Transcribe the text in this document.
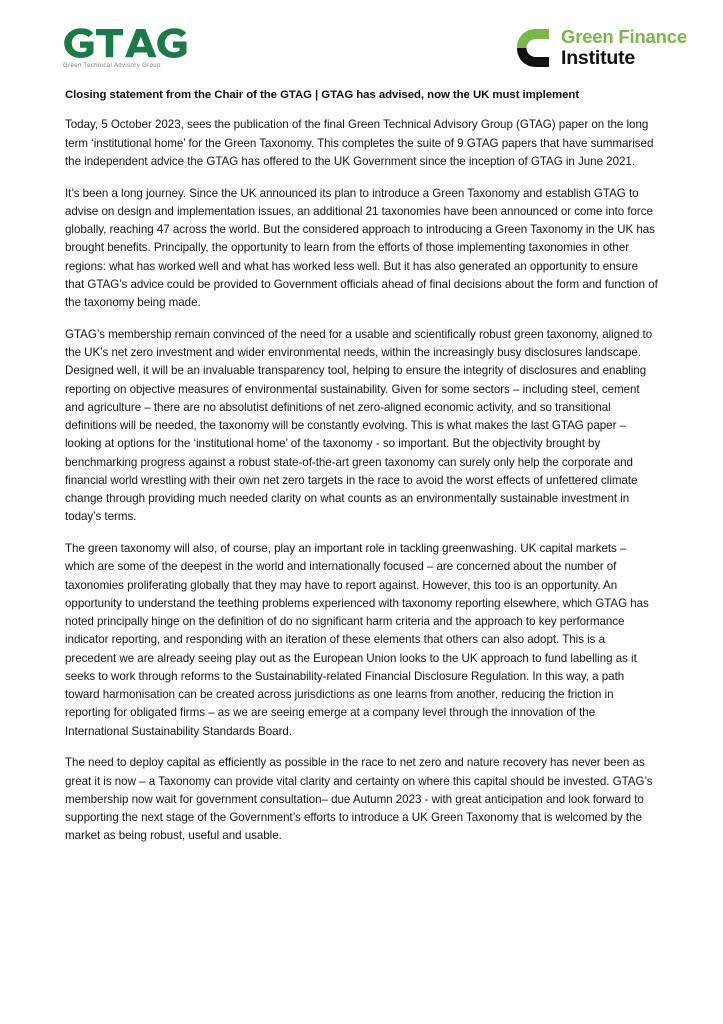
Green Technical Advisory Group
Green Finance
Institute
Closing statement from the Chair of the GTAG | GTAG has advised, now the UK must implement

Today, 5 October 2023, sees the publication of the final Green Technical Advisory Group (GTAG) paper on the long term ‘institutional home’ for the Green Taxonomy. This completes the suite of 9 GTAG papers that have summarised the independent advice the GTAG has offered to the UK Government since the inception of GTAG in June 2021.

It’s been a long journey. Since the UK announced its plan to introduce a Green Taxonomy and establish GTAG to advise on design and implementation issues, an additional 21 taxonomies have been announced or come into force globally, reaching 47 across the world. But the considered approach to introducing a Green Taxonomy in the UK has brought benefits. Principally, the opportunity to learn from the efforts of those implementing taxonomies in other regions: what has worked well and what has worked less well. But it has also generated an opportunity to ensure that GTAG’s advice could be provided to Government officials ahead of final decisions about the form and function of the taxonomy being made.

GTAG’s membership remain convinced of the need for a usable and scientifically robust green taxonomy, aligned to the UK’s net zero investment and wider environmental needs, within the increasingly busy disclosures landscape. Designed well, it will be an invaluable transparency tool, helping to ensure the integrity of disclosures and enabling reporting on objective measures of environmental sustainability. Given for some sectors – including steel, cement and agriculture – there are no absolutist definitions of net zero-aligned economic activity, and so transitional definitions will be needed, the taxonomy will be constantly evolving. This is what makes the last GTAG paper – looking at options for the ‘institutional home’ of the taxonomy - so important. But the objectivity brought by benchmarking progress against a robust state-of-the-art green taxonomy can surely only help the corporate and financial world wrestling with their own net zero targets in the race to avoid the worst effects of unfettered climate change through providing much needed clarity on what counts as an environmentally sustainable investment in today’s terms.

The green taxonomy will also, of course, play an important role in tackling greenwashing. UK capital markets – which are some of the deepest in the world and internationally focused – are concerned about the number of taxonomies proliferating globally that they may have to report against. However, this too is an opportunity. An opportunity to understand the teething problems experienced with taxonomy reporting elsewhere, which GTAG has noted principally hinge on the definition of do no significant harm criteria and the approach to key performance indicator reporting, and responding with an iteration of these elements that others can also adopt. This is a precedent we are already seeing play out as the European Union looks to the UK approach to fund labelling as it seeks to work through reforms to the Sustainability-related Financial Disclosure Regulation. In this way, a path toward harmonisation can be created across jurisdictions as one learns from another, reducing the friction in reporting for obligated firms – as we are seeing emerge at a company level through the innovation of the International Sustainability Standards Board.

The need to deploy capital as efficiently as possible in the race to net zero and nature recovery has never been as great it is now – a Taxonomy can provide vital clarity and certainty on where this capital should be invested. GTAG’s membership now wait for government consultation– due Autumn 2023 - with great anticipation and look forward to supporting the next stage of the Government’s efforts to introduce a UK Green Taxonomy that is welcomed by the market as being robust, useful and usable.
